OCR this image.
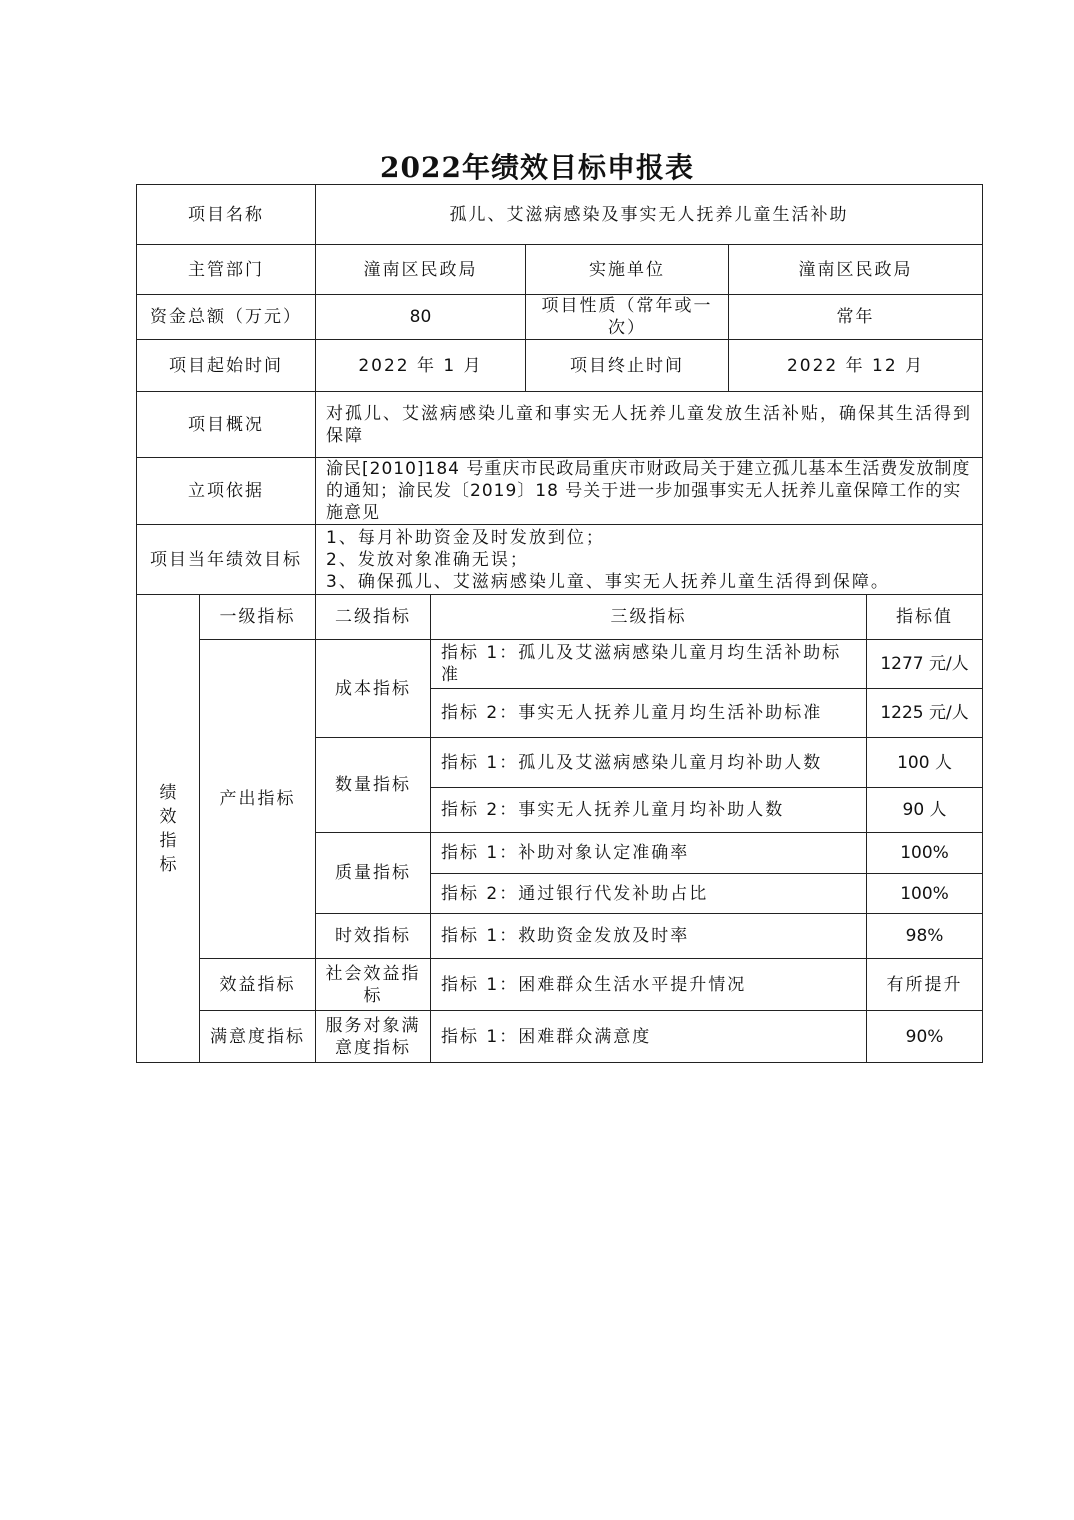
2022年绩效目标申报表
项目名称		孤儿、艾滋病感染及事实无人抚养儿童生活补助				
主管部门		潼南区民政局		实施单位	潼南区民政局	
资金总额（万元）		80		项目性质（常年或一次）	常年	
项目起始时间		2022 年 1 月		项目终止时间	2022 年 12 月	
项目概况		对孤儿、艾滋病感染儿童和事实无人抚养儿童发放生活补贴，确保其生活得到保障				
立项依据		渝民[2010]184 号重庆市民政局重庆市财政局关于建立孤儿基本生活费发放制度的通知；渝民发〔2019〕18 号关于进一步加强事实无人抚养儿童保障工作的实施意见				
项目当年绩效目标		1、每月补助资金及时发放到位；
2、发放对象准确无误；
3、确保孤儿、艾滋病感染儿童、事实无人抚养儿童生活得到保障。				

绩
效
指
标	一级指标	二级指标	三级指标			指标值
	产出指标	成本指标	指标 1：孤儿及艾滋病感染儿童月均生活补助标准			1277 元/人
			指标 2：事实无人抚养儿童月均生活补助标准			1225 元/人
		数量指标	指标 1：孤儿及艾滋病感染儿童月均补助人数			100 人
			指标 2：事实无人抚养儿童月均补助人数			90 人
		质量指标	指标 1：补助对象认定准确率			100%
			指标 2：通过银行代发补助占比			100%
		时效指标	指标 1：救助资金发放及时率			98%
	效益指标	社会效益指标	指标 1：困难群众生活水平提升情况			有所提升
	满意度指标	服务对象满意度指标	指标 1：困难群众满意度			90%
